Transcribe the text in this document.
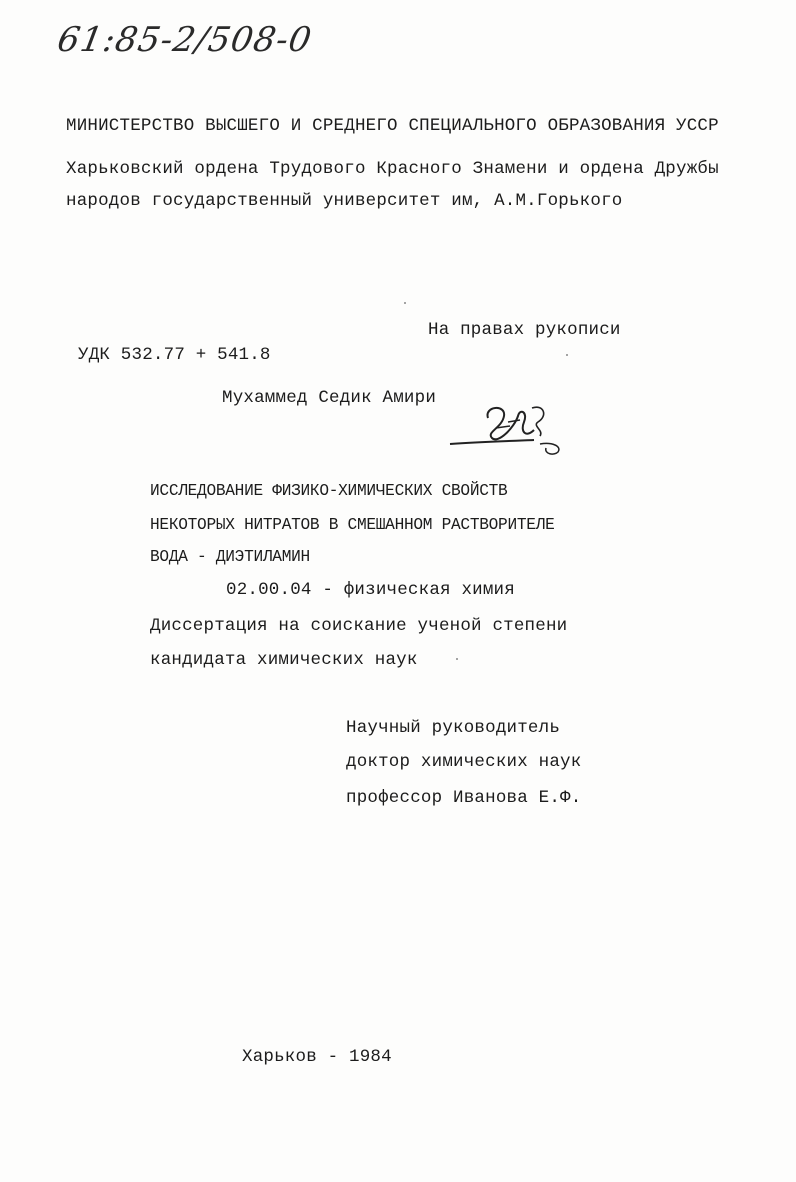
61:85-2/508-0
МИНИСТЕРСТВО ВЫСШЕГО И СРЕДНЕГО СПЕЦИАЛЬНОГО ОБРАЗОВАНИЯ УССР
Харьковский ордена Трудового Красного Знамени и ордена Дружбы
народов государственный университет им, А.М.Горького
На правах рукописи
УДК 532.77 + 541.8
Мухаммед Седик Амири
ИССЛЕДОВАНИЕ ФИЗИКО-ХИМИЧЕСКИХ СВОЙСТВ
НЕКОТОРЫХ НИТРАТОВ В СМЕШАННОМ РАСТВОРИТЕЛЕ
ВОДА - ДИЭТИЛАМИН
02.00.04 - физическая химия
Диссертация на соискание ученой степени
кандидата химических наук
Научный руководитель
доктор химических наук
профессор Иванова Е.Ф.
Харьков - 1984
